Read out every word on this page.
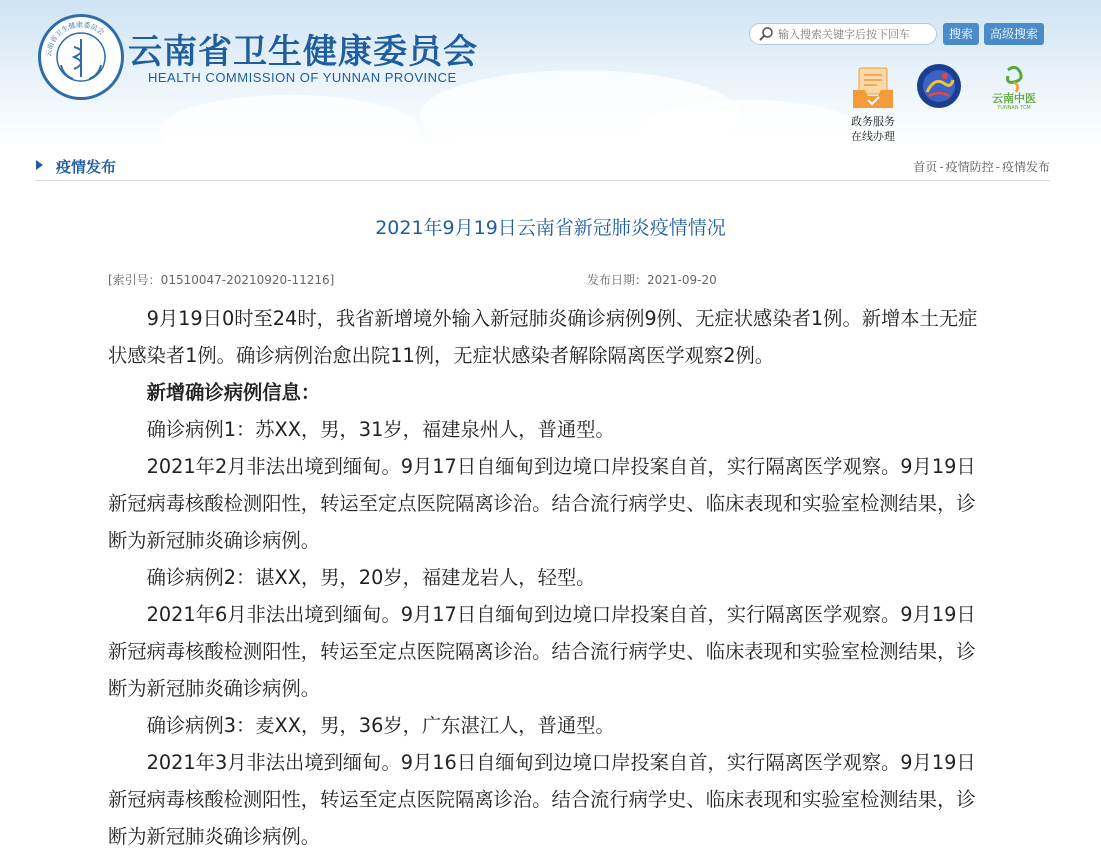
云南省卫生健康委员会
云南省卫生健康委员会
HEALTH COMMISSION OF YUNNAN PROVINCE
输入搜索关键字后按下回车
搜索	高级搜索
政务服务
在线办理
云南中医
YUNNAN TCM
疫情发布	首页 - 疫情防控 - 疫情发布
2021年9月19日云南省新冠肺炎疫情情况
[索引号：01510047-20210920-11216]	发布日期：2021-09-20

9月19日0时至24时，我省新增境外输入新冠肺炎确诊病例9例、无症状感染者1例。新增本土无症状感染者1例。确诊病例治愈出院11例，无症状感染者解除隔离医学观察2例。

新增确诊病例信息：

确诊病例1：苏XX，男，31岁，福建泉州人，普通型。

2021年2月非法出境到缅甸。9月17日自缅甸到边境口岸投案自首，实行隔离医学观察。9月19日新冠病毒核酸检测阳性，转运至定点医院隔离诊治。结合流行病学史、临床表现和实验室检测结果，诊断为新冠肺炎确诊病例。

确诊病例2：谌XX，男，20岁，福建龙岩人，轻型。

2021年6月非法出境到缅甸。9月17日自缅甸到边境口岸投案自首，实行隔离医学观察。9月19日新冠病毒核酸检测阳性，转运至定点医院隔离诊治。结合流行病学史、临床表现和实验室检测结果，诊断为新冠肺炎确诊病例。

确诊病例3：麦XX，男，36岁，广东湛江人，普通型。

2021年3月非法出境到缅甸。9月16日自缅甸到边境口岸投案自首，实行隔离医学观察。9月19日新冠病毒核酸检测阳性，转运至定点医院隔离诊治。结合流行病学史、临床表现和实验室检测结果，诊断为新冠肺炎确诊病例。
